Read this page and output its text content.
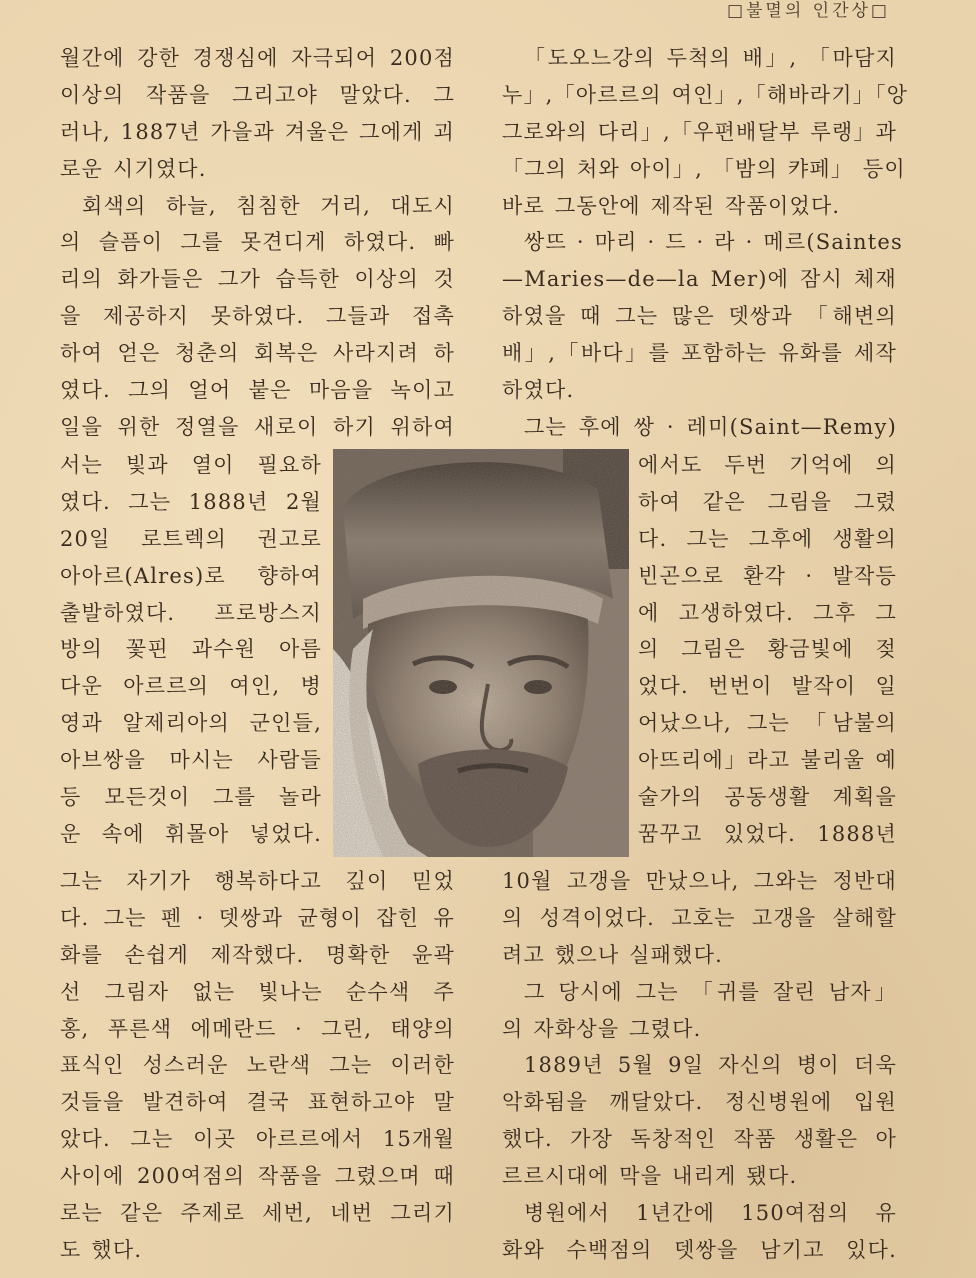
□불멸의 인간상□
월간에 강한 경쟁심에 자극되어 200점
이상의 작품을 그리고야 말았다. 그
러나, 1887년 가을과 겨울은 그에게 괴
로운 시기였다.
회색의 하늘, 침침한 거리, 대도시
의 슬픔이 그를 못견디게 하였다. 빠
리의 화가들은 그가 습득한 이상의 것
을 제공하지 못하였다. 그들과 접촉
하여 얻은 청춘의 회복은 사라지려 하
였다. 그의 얼어 붙은 마음을 녹이고
일을 위한 정열을 새로이 하기 위하여
서는 빛과 열이 필요하
였다. 그는 1888년 2월
20일 로트렉의 권고로
아아르(Alres)로 향하여
출발하였다. 프로방스지
방의 꽃핀 과수원 아름
다운 아르르의 여인, 병
영과 알제리아의 군인들,
아브쌍을 마시는 사람들
등 모든것이 그를 놀라
운 속에 휘몰아 넣었다.
그는 자기가 행복하다고 깊이 믿었
다. 그는 펜 · 뎃쌍과 균형이 잡힌 유
화를 손쉽게 제작했다. 명확한 윤곽
선 그림자 없는 빛나는 순수색 주
홍, 푸른색 에메란드 · 그린, 태양의
표식인 성스러운 노란색 그는 이러한
것들을 발견하여 결국 표현하고야 말
았다. 그는 이곳 아르르에서 15개월
사이에 200여점의 작품을 그렸으며 때
로는 같은 주제로 세번, 네번 그리기
도 했다.
「도오느강의 두척의 배」, 「마담지
누」,「아르르의 여인」,「해바라기」「앙
그로와의 다리」,「우편배달부 루랭」과
「그의 처와 아이」, 「밤의 캬페」 등이
바로 그동안에 제작된 작품이었다.
쌍뜨 · 마리 · 드 · 라 · 메르(Saintes
—Maries—de—la Mer)에 잠시 체재
하였을 때 그는 많은 뎃쌍과 「해변의
배」,「바다」를 포함하는 유화를 세작
하였다.
그는 후에 쌍 · 레미(Saint—Remy)
에서도 두번 기억에 의
하여 같은 그림을 그렸
다. 그는 그후에 생활의
빈곤으로 환각 · 발작등
에 고생하였다. 그후 그
의 그림은 황금빛에 젖
었다. 번번이 발작이 일
어났으나, 그는 「남불의
아뜨리에」라고 불리울 예
술가의 공동생활 계획을
꿈꾸고 있었다. 1888년
10월 고갱을 만났으나, 그와는 정반대
의 성격이었다. 고호는 고갱을 살해할
려고 했으나 실패했다.
그 당시에 그는 「귀를 잘린 남자」
의 자화상을 그렸다.
1889년 5월 9일 자신의 병이 더욱
악화됨을 깨달았다. 정신병원에 입원
했다. 가장 독창적인 작품 생활은 아
르르시대에 막을 내리게 됐다.
병원에서 1년간에 150여점의 유
화와 수백점의 뎃쌍을 남기고 있다.
